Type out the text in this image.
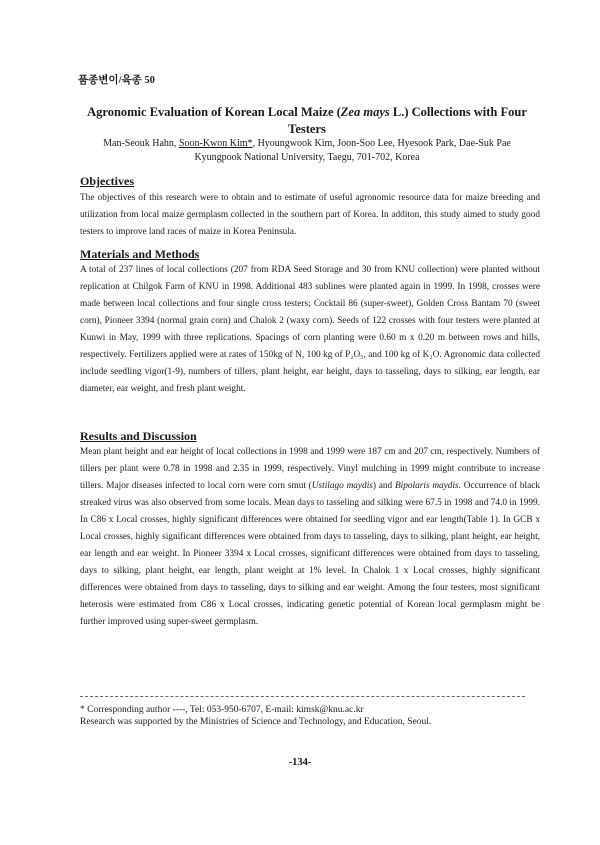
품종변이/육종 50
Agronomic Evaluation of Korean Local Maize (Zea mays L.) Collections with Four Testers
Man-Seouk Hahn, Soon-Kwon Kim*, Hyoungwook Kim, Joon-Soo Lee, Hyesook Park, Dae-Suk Pae
Kyungpook National University, Taegu, 701-702, Korea
Objectives

The objectives of this research were to obtain and to estimate of useful agronomic resource data for maize breeding and utilization from local maize germplasm collected in the southern part of Korea. In additon, this study aimed to study good testers to improve land races of maize in Korea Peninsula.

Materials and Methods

A total of 237 lines of local collections (207 from RDA Seed Storage and 30 from KNU collection) were planted without replication at Chilgok Farm of KNU in 1998. Additional 483 sublines were planted again in 1999. In 1998, crosses were made between local collections and four single cross testers; Cocktail 86 (super-sweet), Golden Cross Bantam 70 (sweet corn), Pioneer 3394 (normal grain corn) and Chalok 2 (waxy corn). Seeds of 122 crosses with four testers were planted at Kunwi in May, 1999 with three replications. Spacings of corn planting were 0.60 m x 0.20 m between rows and hills, respectively. Fertilizers applied were at rates of 150kg of N, 100 kg of P₂O₅, and 100 kg of K₂O. Agronomic data collected include seedling vigor(1-9), numbers of tillers, plant height, ear height, days to tasseling, days to silking, ear length, ear diameter, ear weight, and fresh plant weight.

Results and Discussion

Mean plant height and ear height of local collections in 1998 and 1999 were 187 cm and 207 cm, respectively. Numbers of tillers per plant were 0.78 in 1998 and 2.35 in 1999, respectively. Vinyl mulching in 1999 might contribute to increase tillers. Major diseases infected to local corn were corn smut (Ustilago maydis) and Bipolaris maydis. Occurrence of black streaked virus was also observed from some locals. Mean days to tasseling and silking were 67.5 in 1998 and 74.0 in 1999. In C86 x Local crosses, highly significant differences were obtained for seedling vigor and ear length(Table 1). In GCB x Local crosses, highly significant differences were obtained from days to tasseling, days to silking, plant height, ear height, ear length and ear weight. In Pioneer 3394 x Local crosses, significant differences were obtained from days to tasseling, days to silking, plant height, ear length, plant weight at 1% level. In Chalok 1 x Local crosses, highly significant differences were obtained from days to tasseling, days to silking and ear weight. Among the four testers, most significant heterosis were estimated from C86 x Local crosses, indicating genetic potential of Korean local germplasm might be further improved using super-sweet germplasm.

* Corresponding author ----, Tel: 053-950-6707, E-mail: kimsk@knu.ac.kr

Research was supported by the Ministries of Science and Technology, and Education, Seoul.

-134-
